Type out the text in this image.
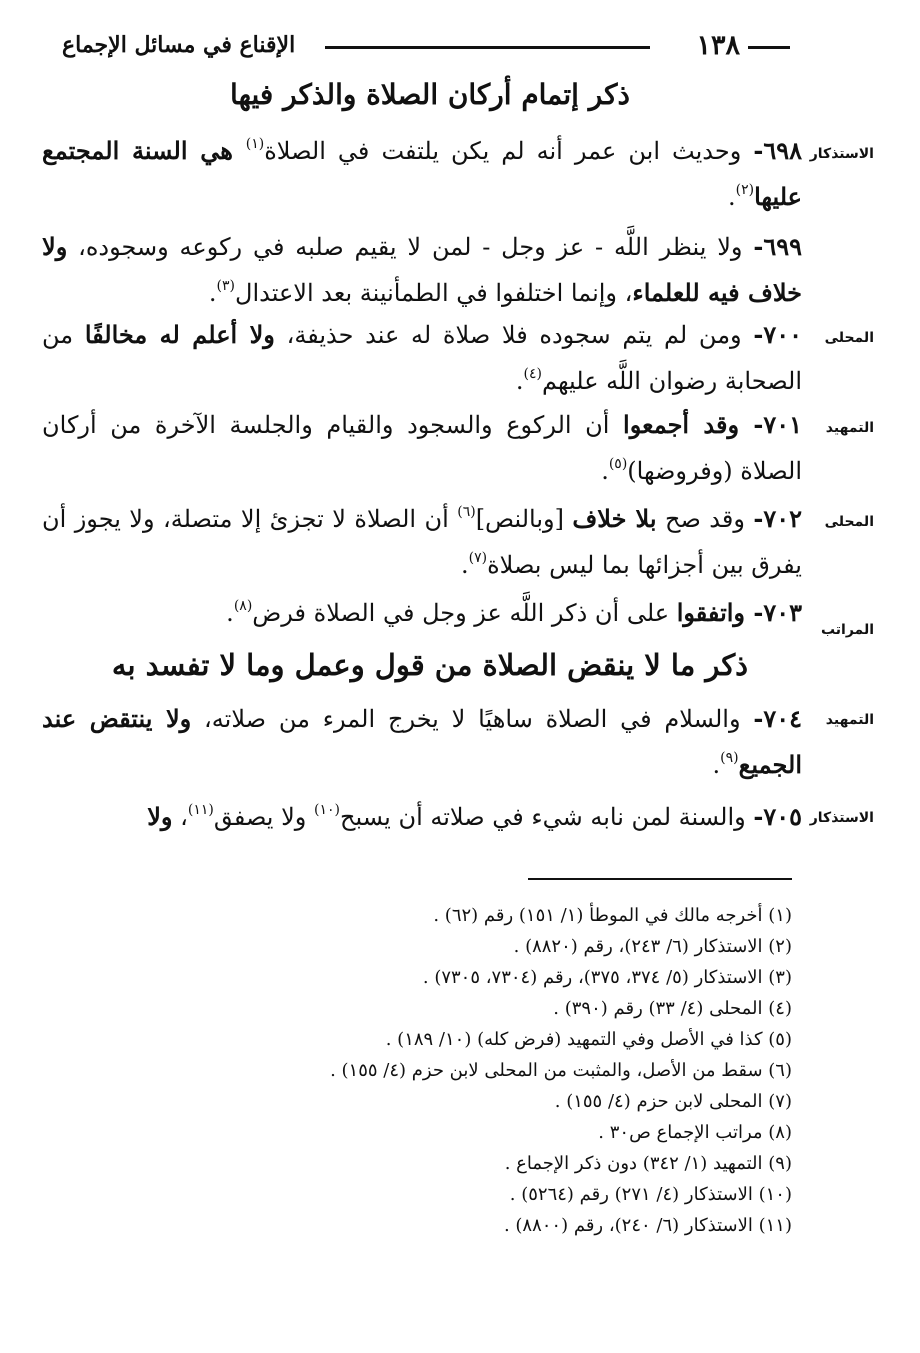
١٣٨
الإقناع في مسائل الإجماع
ذكر إتمام أركان الصلاة والذكر فيها
الاستذكار
٦٩٨- وحديث ابن عمر أنه لم يكن يلتفت في الصلاة$^{(١)}$ هي السنة المجتمع عليها$^{(٢)}$.
٦٩٩- ولا ينظر اللَّه - عز وجل - لمن لا يقيم صلبه في ركوعه وسجوده، ولا خلاف فيه للعلماء، وإنما اختلفوا في الطمأنينة بعد الاعتدال$^{(٣)}$.
المحلى
٧٠٠- ومن لم يتم سجوده فلا صلاة له عند حذيفة، ولا أعلم له مخالفًا من الصحابة رضوان اللَّه عليهم$^{(٤)}$.
التمهيد
٧٠١- وقد أجمعوا أن الركوع والسجود والقيام والجلسة الآخرة من أركان الصلاة (وفروضها)$^{(٥)}$.
المحلى
٧٠٢- وقد صح بلا خلاف [وبالنص]$^{(٦)}$ أن الصلاة لا تجزئ إلا متصلة، ولا يجوز أن يفرق بين أجزائها بما ليس بصلاة$^{(٧)}$.
المراتب
٧٠٣- واتفقوا على أن ذكر اللَّه عز وجل في الصلاة فرض$^{(٨)}$.
ذكر ما لا ينقض الصلاة من قول وعمل وما لا تفسد به
التمهيد
٧٠٤- والسلام في الصلاة ساهيًا لا يخرج المرء من صلاته، ولا ينتقض عند الجميع$^{(٩)}$.
الاستذكار
٧٠٥- والسنة لمن نابه شيء في صلاته أن يسبح$^{(١٠)}$ ولا يصفق$^{(١١)}$، ولا
(١) أخرجه مالك في الموطأ (١/ ١٥١) رقم (٦٢) .
(٢) الاستذكار (٦/ ٢٤٣)، رقم (٨٨٢٠) .
(٣) الاستذكار (٥/ ٣٧٤، ٣٧٥)، رقم (٧٣٠٤، ٧٣٠٥) .
(٤) المحلى (٤/ ٣٣) رقم (٣٩٠) .
(٥) كذا في الأصل وفي التمهيد (فرض كله) (١٠/ ١٨٩) .
(٦) سقط من الأصل، والمثبت من المحلى لابن حزم (٤/ ١٥٥) .
(٧) المحلى لابن حزم (٤/ ١٥٥) .
(٨) مراتب الإجماع ص٣٠ .
(٩) التمهيد (١/ ٣٤٢) دون ذكر الإجماع .
(١٠) الاستذكار (٤/ ٢٧١) رقم (٥٢٦٤) .
(١١) الاستذكار (٦/ ٢٤٠)، رقم (٨٨٠٠) .
